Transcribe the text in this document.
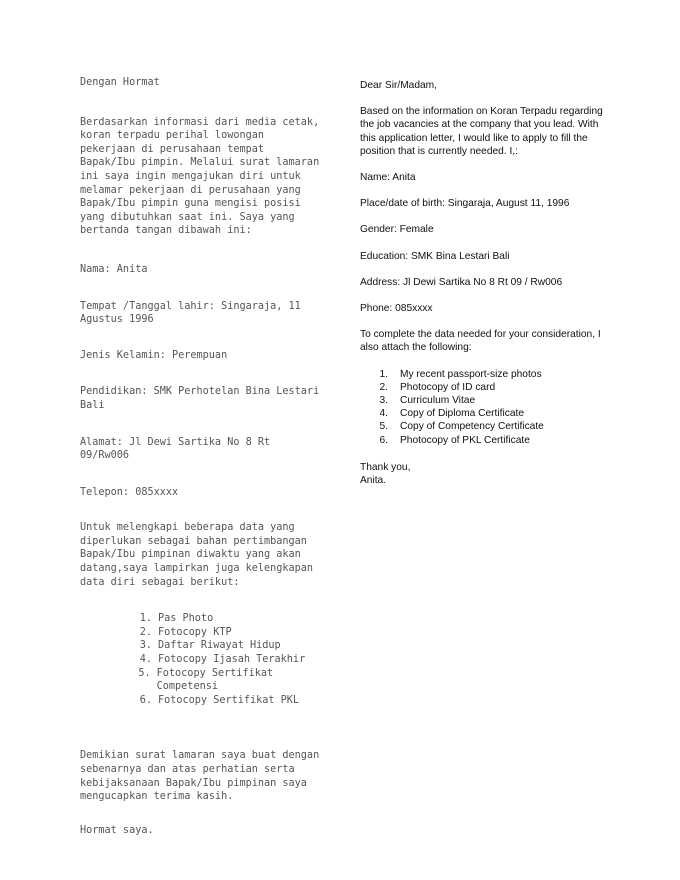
Dengan Hormat

Berdasarkan informasi dari media cetak, koran terpadu perihal lowongan pekerjaan di perusahaan tempat Bapak/Ibu pimpin. Melalui surat lamaran ini saya ingin mengajukan diri untuk melamar pekerjaan di perusahaan yang Bapak/Ibu pimpin guna mengisi posisi yang dibutuhkan saat ini. Saya yang bertanda tangan dibawah ini:

Nama: Anita

Tempat /Tanggal lahir: Singaraja, 11 Agustus 1996

Jenis Kelamin: Perempuan

Pendidikan: SMK Perhotelan Bina Lestari Bali

Alamat: Jl Dewi Sartika No 8 Rt 09/Rw006

Telepon: 085xxxx

Untuk melengkapi beberapa data yang diperlukan sebagai bahan pertimbangan Bapak/Ibu pimpinan diwaktu yang akan datang,saya lampirkan juga kelengkapan data diri sebagai berikut:

1. Pas Photo
2. Fotocopy KTP
3. Daftar Riwayat Hidup
4. Fotocopy Ijasah Terakhir
5. Fotocopy Sertifikat Competensi
6. Fotocopy Sertifikat PKL

Demikian surat lamaran saya buat dengan sebenarnya dan atas perhatian serta kebijaksanaan Bapak/Ibu pimpinan saya mengucapkan terima kasih.

Hormat saya.

Dear Sir/Madam,

Based on the information on Koran Terpadu regarding the job vacancies at the company that you lead. With this application letter, I would like to apply to fill the position that is currently needed. I,:

Name: Anita

Place/date of birth: Singaraja, August 11, 1996

Gender: Female

Education: SMK Bina Lestari Bali

Address: Jl Dewi Sartika No 8 Rt 09 / Rw006

Phone: 085xxxx

To complete the data needed for your consideration, I also attach the following:

1. My recent passport-size photos
2. Photocopy of ID card
3. Curriculum Vitae
4. Copy of Diploma Certificate
5. Copy of Competency Certificate
6. Photocopy of PKL Certificate

Thank you,

Anita.
